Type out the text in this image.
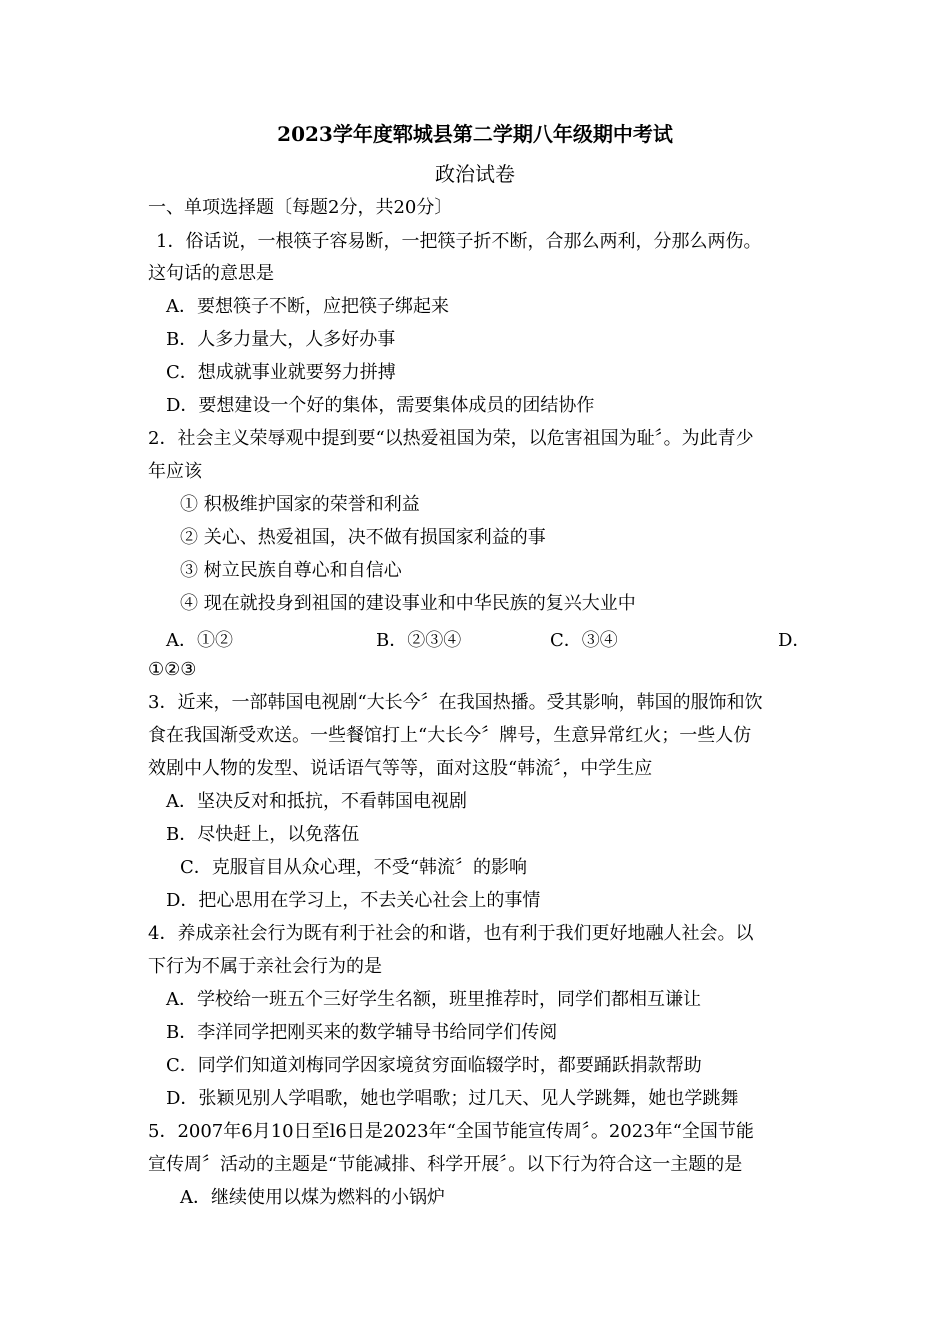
2023学年度郓城县第二学期八年级期中考试
政治试卷
一、单项选择题〔每题2分，共20分〕
1．俗话说，一根筷子容易断，一把筷子折不断，合那么两利，分那么两伤。
这句话的意思是
A．要想筷子不断，应把筷子绑起来
B．人多力量大，人多好办事
C．想成就事业就要努力拼搏
D．要想建设一个好的集体，需要集体成员的团结协作
2．社会主义荣辱观中提到要“以热爱祖国为荣，以危害祖国为耻〞。为此青少
年应该
① 积极维护国家的荣誉和利益
② 关心、热爱祖国，决不做有损国家利益的事
③ 树立民族自尊心和自信心
④ 现在就投身到祖国的建设事业和中华民族的复兴大业中
A．①②	B．②③④	C．③④	D．
①②③
3．近来，一部韩国电视剧“大长今〞在我国热播。受其影响，韩国的服饰和饮
食在我国渐受欢送。一些餐馆打上“大长今〞牌号，生意异常红火；一些人仿
效剧中人物的发型、说话语气等等，面对这股“韩流〞，中学生应
A．坚决反对和抵抗，不看韩国电视剧
B．尽快赶上，以免落伍
C．克服盲目从众心理，不受“韩流〞的影响
D．把心思用在学习上，不去关心社会上的事情
4．养成亲社会行为既有利于社会的和谐，也有利于我们更好地融人社会。以
下行为不属于亲社会行为的是
A．学校给一班五个三好学生名额，班里推荐时，同学们都相互谦让
B．李洋同学把刚买来的数学辅导书给同学们传阅
C．同学们知道刘梅同学因家境贫穷面临辍学时，都要踊跃捐款帮助
D．张颖见别人学唱歌，她也学唱歌；过几天、见人学跳舞，她也学跳舞
5．2007年6月10日至l6日是2023年“全国节能宣传周〞。2023年“全国节能
宣传周〞活动的主题是“节能减排、科学开展〞。以下行为符合这一主题的是
A．继续使用以煤为燃料的小锅炉
